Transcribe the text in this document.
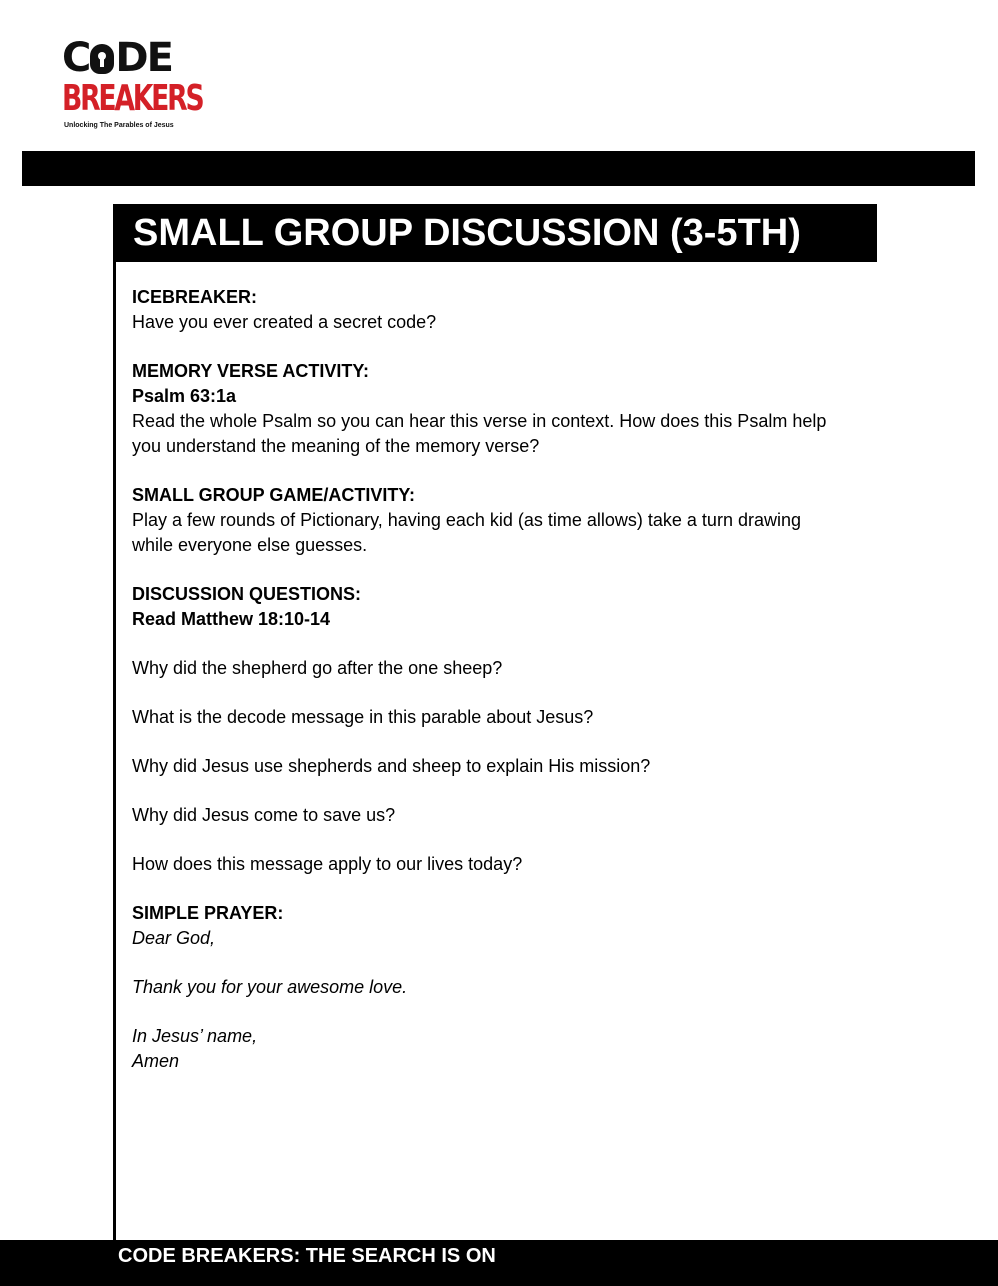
C DE
BREAKERS
Unlocking The Parables of Jesus
SMALL GROUP DISCUSSION (3-5TH)

ICEBREAKER:

Have you ever created a secret code?

MEMORY VERSE ACTIVITY:

Psalm 63:1a

Read the whole Psalm so you can hear this verse in context. How does this Psalm help

you understand the meaning of the memory verse?

SMALL GROUP GAME/ACTIVITY:

Play a few rounds of Pictionary, having each kid (as time allows) take a turn drawing

while everyone else guesses.

DISCUSSION QUESTIONS:

Read Matthew 18:10-14

Why did the shepherd go after the one sheep?

What is the decode message in this parable about Jesus?

Why did Jesus use shepherds and sheep to explain His mission?

Why did Jesus come to save us?

How does this message apply to our lives today?

SIMPLE PRAYER:

Dear God,

Thank you for your awesome love.

In Jesus’ name,

Amen

CODE BREAKERS: THE SEARCH IS ON
